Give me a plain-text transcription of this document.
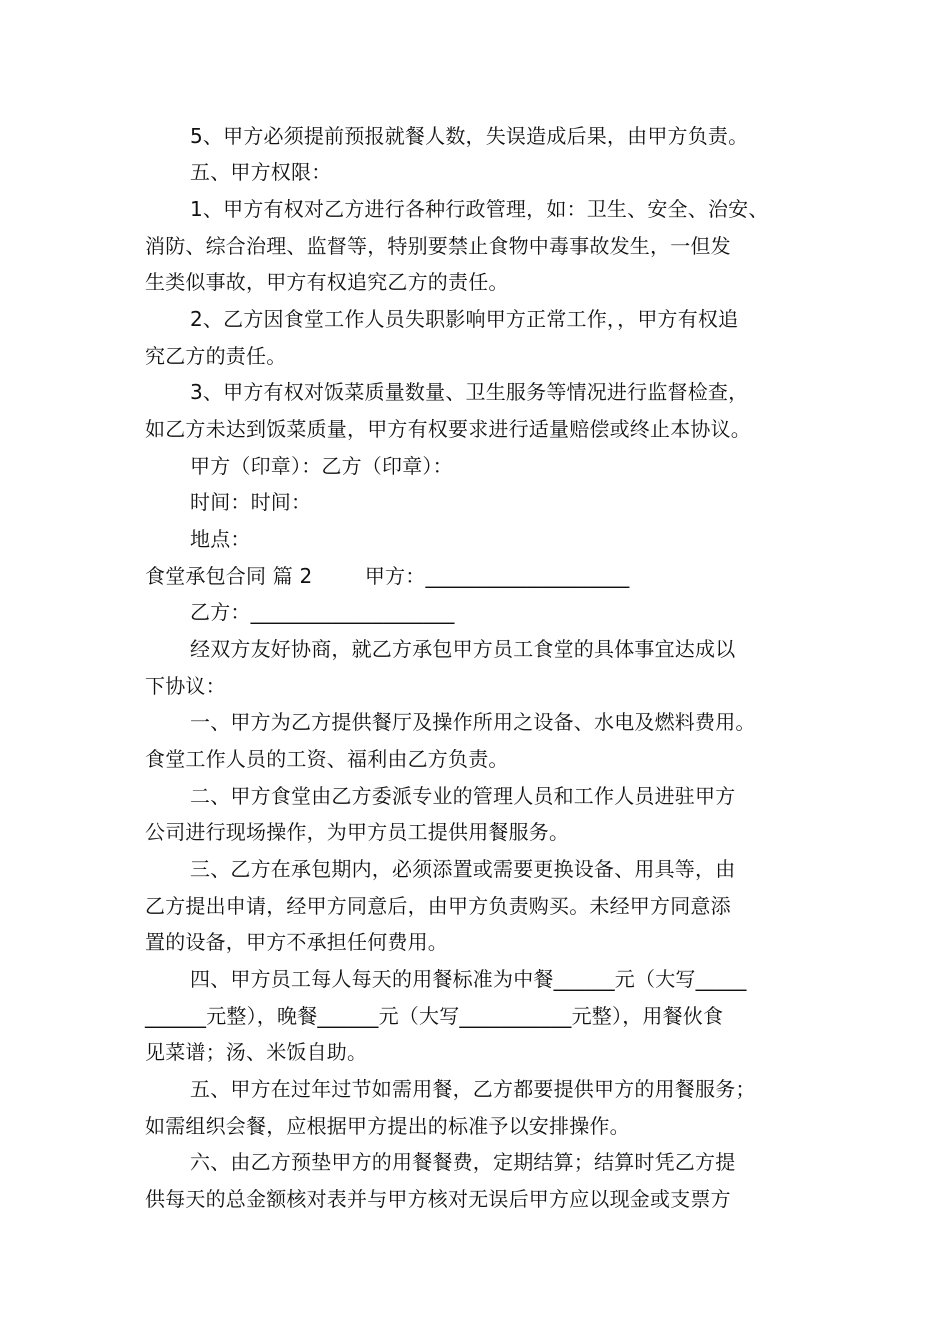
5、甲方必须提前预报就餐人数，失误造成后果，由甲方负责。
五、甲方权限：
1、甲方有权对乙方进行各种行政管理，如：卫生、安全、治安、
消防、综合治理、监督等，特别要禁止食物中毒事故发生，一但发
生类似事故，甲方有权追究乙方的责任。
2、乙方因食堂工作人员失职影响甲方正常工作，，甲方有权追
究乙方的责任。
3、甲方有权对饭菜质量数量、卫生服务等情况进行监督检查，
如乙方未达到饭菜质量，甲方有权要求进行适量赔偿或终止本协议。
甲方（印章）：乙方（印章）：
时间：时间：
地点：
食堂承包合同 篇 2        甲方：____________________
乙方：____________________
经双方友好协商，就乙方承包甲方员工食堂的具体事宜达成以
下协议：
一、甲方为乙方提供餐厅及操作所用之设备、水电及燃料费用。
食堂工作人员的工资、福利由乙方负责。
二、甲方食堂由乙方委派专业的管理人员和工作人员进驻甲方
公司进行现场操作，为甲方员工提供用餐服务。
三、乙方在承包期内，必须添置或需要更换设备、用具等，由
乙方提出申请，经甲方同意后，由甲方负责购买。未经甲方同意添
置的设备，甲方不承担任何费用。
四、甲方员工每人每天的用餐标准为中餐______元（大写_____
______元整），晚餐______元（大写___________元整），用餐伙食
见菜谱；汤、米饭自助。
五、甲方在过年过节如需用餐，乙方都要提供甲方的用餐服务；
如需组织会餐，应根据甲方提出的标准予以安排操作。
六、由乙方预垫甲方的用餐餐费，定期结算；结算时凭乙方提
供每天的总金额核对表并与甲方核对无误后甲方应以现金或支票方
